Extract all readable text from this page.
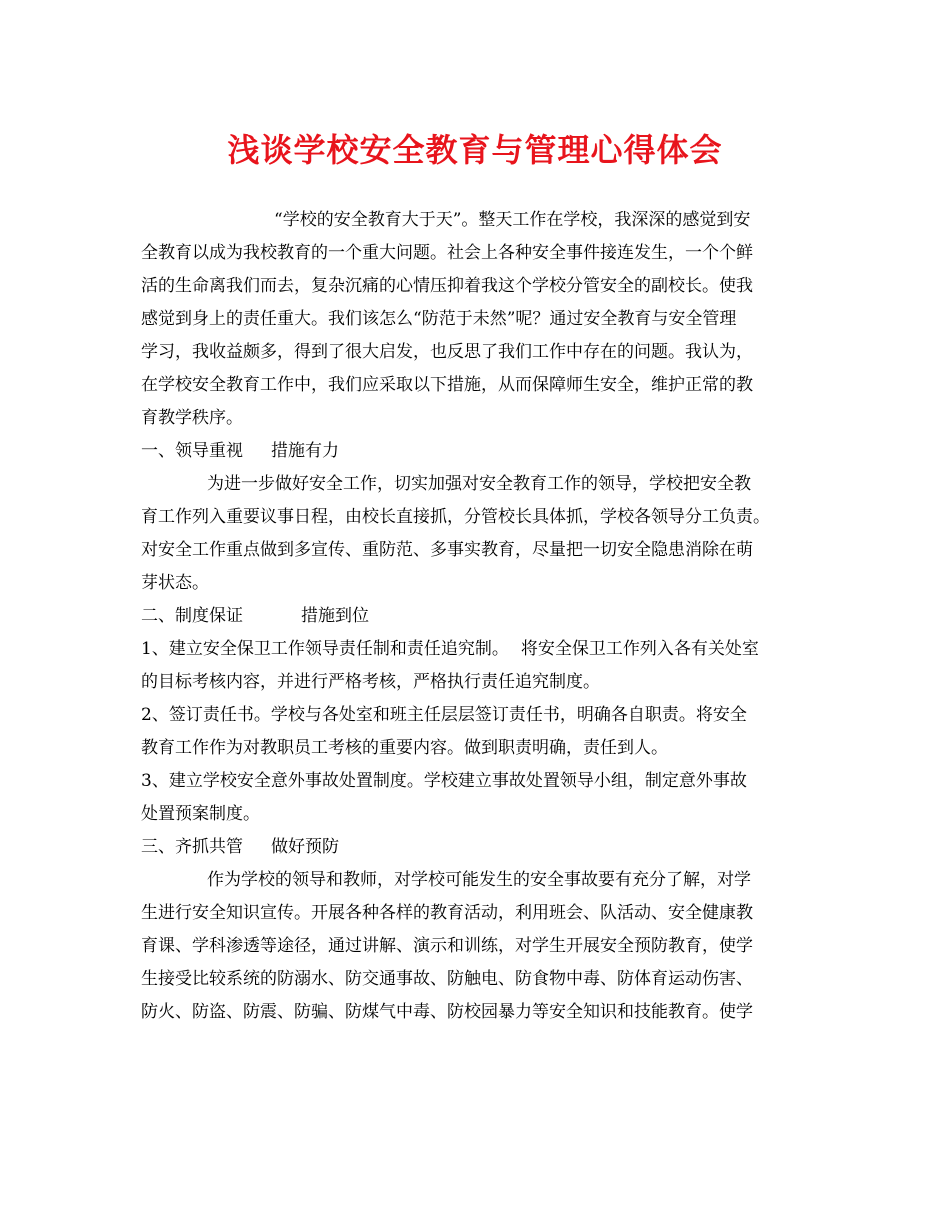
浅谈学校安全教育与管理心得体会
“学校的安全教育大于天”。整天工作在学校，我深深的感觉到安
全教育以成为我校教育的一个重大问题。社会上各种安全事件接连发生，一个个鲜
活的生命离我们而去，复杂沉痛的心情压抑着我这个学校分管安全的副校长。使我
感觉到身上的责任重大。我们该怎么“防范于未然”呢？通过安全教育与安全管理
学习，我收益颇多，得到了很大启发，也反思了我们工作中存在的问题。我认为，
在学校安全教育工作中，我们应采取以下措施，从而保障师生安全，维护正常的教
育教学秩序。
一、领导重视 措施有力
为进一步做好安全工作，切实加强对安全教育工作的领导，学校把安全教
育工作列入重要议事日程，由校长直接抓，分管校长具体抓，学校各领导分工负责。
对安全工作重点做到多宣传、重防范、多事实教育，尽量把一切安全隐患消除在萌
芽状态。
二、制度保证	措施到位
1、建立安全保卫工作领导责任制和责任追究制。 将安全保卫工作列入各有关处室
的目标考核内容，并进行严格考核，严格执行责任追究制度。
2、签订责任书。学校与各处室和班主任层层签订责任书，明确各自职责。将安全
教育工作作为对教职员工考核的重要内容。做到职责明确，责任到人。
3、建立学校安全意外事故处置制度。学校建立事故处置领导小组，制定意外事故
处置预案制度。
三、齐抓共管 做好预防
作为学校的领导和教师，对学校可能发生的安全事故要有充分了解，对学
生进行安全知识宣传。开展各种各样的教育活动，利用班会、队活动、安全健康教
育课、学科渗透等途径，通过讲解、演示和训练，对学生开展安全预防教育，使学
生接受比较系统的防溺水、防交通事故、防触电、防食物中毒、防体育运动伤害、
防火、防盗、防震、防骗、防煤气中毒、防校园暴力等安全知识和技能教育。使学
